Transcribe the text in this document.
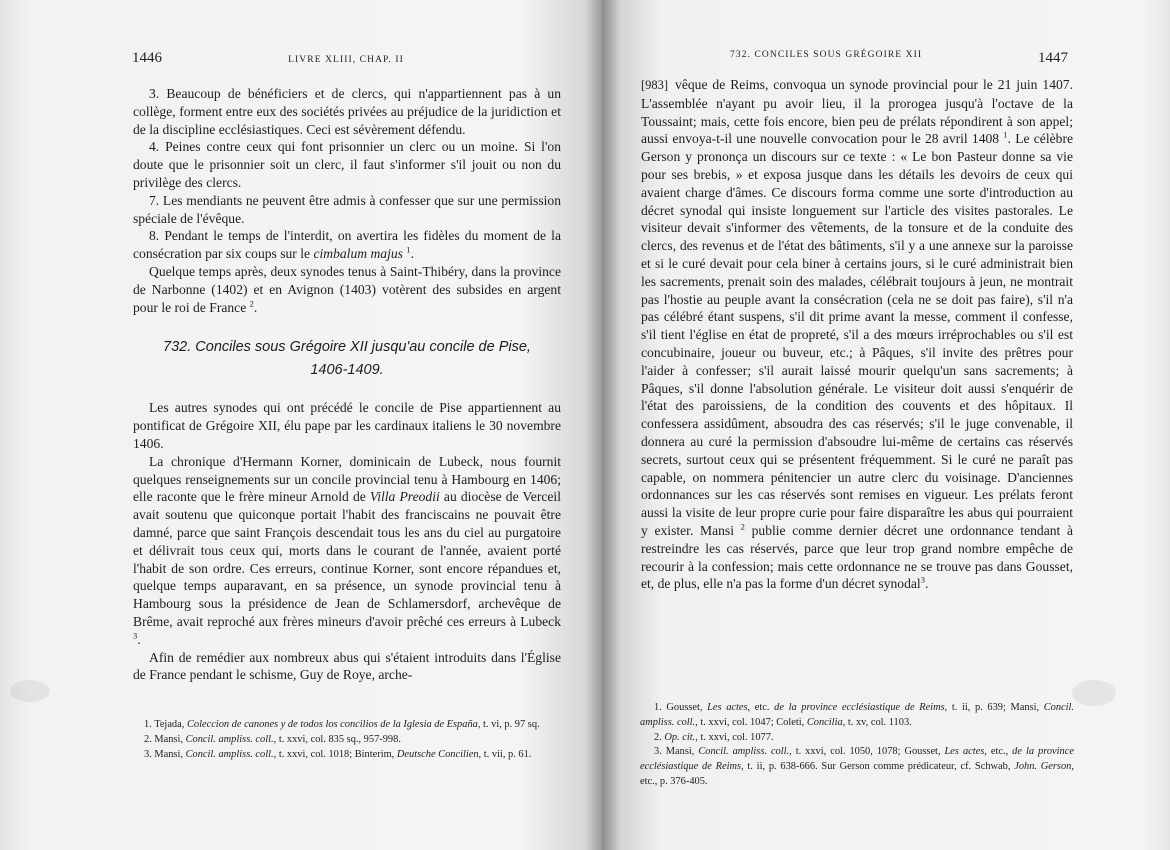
1446	LIVRE XLIII, CHAP. II

3. Beaucoup de bénéficiers et de clercs, qui n'appartiennent pas à un collège, forment entre eux des sociétés privées au préjudice de la juridiction et de la discipline ecclésiastiques. Ceci est sévèrement défendu.

4. Peines contre ceux qui font prisonnier un clerc ou un moine. Si l'on doute que le prisonnier soit un clerc, il faut s'informer s'il jouit ou non du privilège des clercs.

7. Les mendiants ne peuvent être admis à confesser que sur une permission spéciale de l'évêque.

8. Pendant le temps de l'interdit, on avertira les fidèles du moment de la consécration par six coups sur le cimbalum majus $^1$.

Quelque temps après, deux synodes tenus à Saint-Thibéry, dans la province de Narbonne (1402) et en Avignon (1403) votèrent des subsides en argent pour le roi de France $^2$.

732. Conciles sous Grégoire XII jusqu'au concile de Pise,
1406-1409.

Les autres synodes qui ont précédé le concile de Pise appartiennent au pontificat de Grégoire XII, élu pape par les cardinaux italiens le 30 novembre 1406.

La chronique d'Hermann Korner, dominicain de Lubeck, nous fournit quelques renseignements sur un concile provincial tenu à Hambourg en 1406; elle raconte que le frère mineur Arnold de Villa Preodii au diocèse de Verceil avait soutenu que quiconque portait l'habit des franciscains ne pouvait être damné, parce que saint François descendait tous les ans du ciel au purgatoire et délivrait tous ceux qui, morts dans le courant de l'année, avaient porté l'habit de son ordre. Ces erreurs, continue Korner, sont encore répandues et, quelque temps auparavant, en sa présence, un synode provincial tenu à Hambourg sous la présidence de Jean de Schlamersdorf, archevêque de Brême, avait reproché aux frères mineurs d'avoir prêché ces erreurs à Lubeck $^3$.

Afin de remédier aux nombreux abus qui s'étaient introduits dans l'Église de France pendant le schisme, Guy de Roye, arche-

1. Tejada, Coleccion de canones y de todos los concilios de la Iglesia de España, t. vi, p. 97 sq.

2. Mansi, Concil. ampliss. coll., t. xxvi, col. 835 sq., 957-998.

3. Mansi, Concil. ampliss. coll., t. xxvi, col. 1018; Binterim, Deutsche Concilien, t. vii, p. 61.

732. CONCILES SOUS GRÉGOIRE XII	1447

[983] vêque de Reims, convoqua un synode provincial pour le 21 juin 1407. L'assemblée n'ayant pu avoir lieu, il la prorogea jusqu'à l'octave de la Toussaint; mais, cette fois encore, bien peu de prélats répondirent à son appel; aussi envoya-t-il une nouvelle convocation pour le 28 avril 1408 $^1$. Le célèbre Gerson y prononça un discours sur ce texte : « Le bon Pasteur donne sa vie pour ses brebis, » et exposa jusque dans les détails les devoirs de ceux qui avaient charge d'âmes. Ce discours forma comme une sorte d'introduction au décret synodal qui insiste longuement sur l'article des visites pastorales. Le visiteur devait s'informer des vêtements, de la tonsure et de la conduite des clercs, des revenus et de l'état des bâtiments, s'il y a une annexe sur la paroisse et si le curé devait pour cela biner à certains jours, si le curé administrait bien les sacrements, prenait soin des malades, célébrait toujours à jeun, ne montrait pas l'hostie au peuple avant la consécration (cela ne se doit pas faire), s'il n'a pas célébré étant suspens, s'il dit prime avant la messe, comment il confesse, s'il tient l'église en état de propreté, s'il a des mœurs irréprochables ou s'il est concubinaire, joueur ou buveur, etc.; à Pâques, s'il invite des prêtres pour l'aider à confesser; s'il aurait laissé mourir quelqu'un sans sacrements; à Pâques, s'il donne l'absolution générale. Le visiteur doit aussi s'enquérir de l'état des paroissiens, de la condition des couvents et des hôpitaux. Il confessera assidûment, absoudra des cas réservés; s'il le juge convenable, il donnera au curé la permission d'absoudre lui-même de certains cas réservés secrets, surtout ceux qui se présentent fréquemment. Si le curé ne paraît pas capable, on nommera pénitencier un autre clerc du voisinage. D'anciennes ordonnances sur les cas réservés sont remises en vigueur. Les prélats feront aussi la visite de leur propre curie pour faire disparaître les abus qui pourraient y exister. Mansi $^2$ publie comme dernier décret une ordonnance tendant à restreindre les cas réservés, parce que leur trop grand nombre empêche de recourir à la confession; mais cette ordonnance ne se trouve pas dans Gousset, et, de plus, elle n'a pas la forme d'un décret synodal$^3$.

1. Gousset, Les actes, etc. de la province ecclésiastique de Reims, t. ii, p. 639; Mansi, Concil. ampliss. coll., t. xxvi, col. 1047; Coleti, Concilia, t. xv, col. 1103.

2. Op. cit., t. xxvi, col. 1077.

3. Mansi, Concil. ampliss. coll., t. xxvi, col. 1050, 1078; Gousset, Les actes, etc., de la province ecclésiastique de Reims, t. ii, p. 638-666. Sur Gerson comme prédicateur, cf. Schwab, John. Gerson, etc., p. 376-405.
